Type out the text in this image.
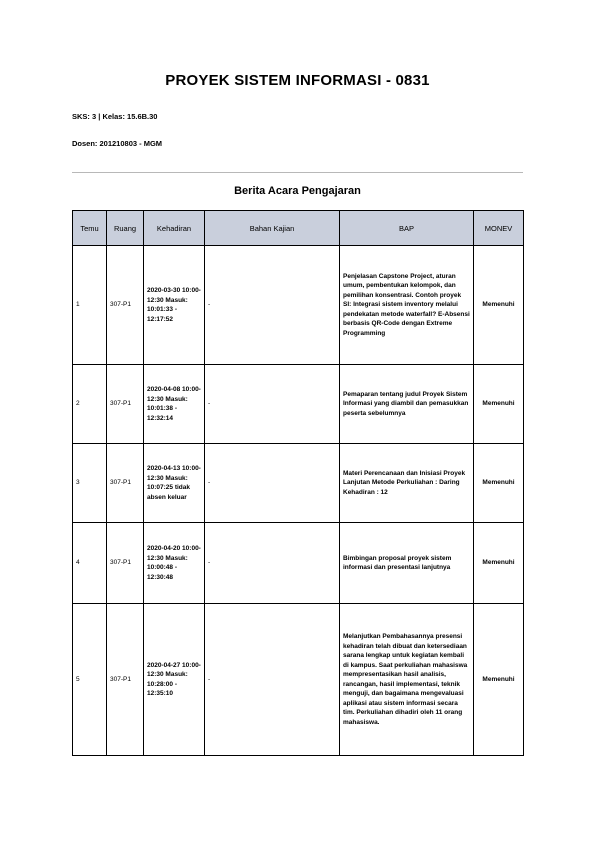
PROYEK SISTEM INFORMASI - 0831
SKS: 3 | Kelas: 15.6B.30
Dosen: 201210803 - MGM
Berita Acara Pengajaran
Temu	Ruang	Kehadiran	Bahan Kajian	BAP	MONEV
1	307-P1	2020-03-30 10:00-12:30 Masuk: 10:01:33 - 12:17:52	-	Penjelasan Capstone Project, aturan umum, pembentukan kelompok, dan pemilihan konsentrasi. Contoh proyek SI: Integrasi sistem inventory melalui pendekatan metode waterfall? E-Absensi berbasis QR-Code dengan Extreme Programming	Memenuhi
2	307-P1	2020-04-08 10:00-12:30 Masuk: 10:01:38 - 12:32:14	-	Pemaparan tentang judul Proyek Sistem Informasi yang diambil dan pemasukkan peserta sebelumnya	Memenuhi
3	307-P1	2020-04-13 10:00-12:30 Masuk: 10:07:25 tidak absen keluar	-	Materi Perencanaan dan Inisiasi Proyek Lanjutan Metode Perkuliahan : Daring Kehadiran : 12	Memenuhi
4	307-P1	2020-04-20 10:00-12:30 Masuk: 10:00:48 - 12:30:48	-	Bimbingan proposal proyek sistem informasi dan presentasi lanjutnya	Memenuhi
5	307-P1	2020-04-27 10:00-12:30 Masuk: 10:28:00 - 12:35:10	-	Melanjutkan Pembahasannya presensi kehadiran telah dibuat dan ketersediaan sarana lengkap untuk kegiatan kembali di kampus. Saat perkuliahan mahasiswa mempresentasikan hasil analisis, rancangan, hasil implementasi, teknik menguji, dan bagaimana mengevaluasi aplikasi atau sistem informasi secara tim. Perkuliahan dihadiri oleh 11 orang mahasiswa.	Memenuhi
